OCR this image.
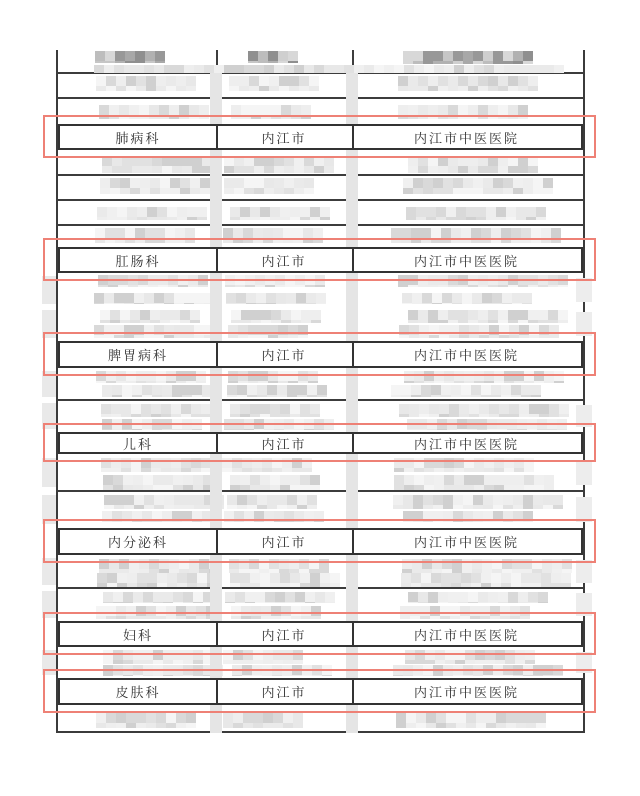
肺病科	内江市	内江市中医医院
肛肠科	内江市	内江市中医医院
脾胃病科	内江市	内江市中医医院
儿科	内江市	内江市中医医院
内分泌科	内江市	内江市中医医院
妇科	内江市	内江市中医医院
皮肤科	内江市	内江市中医医院
